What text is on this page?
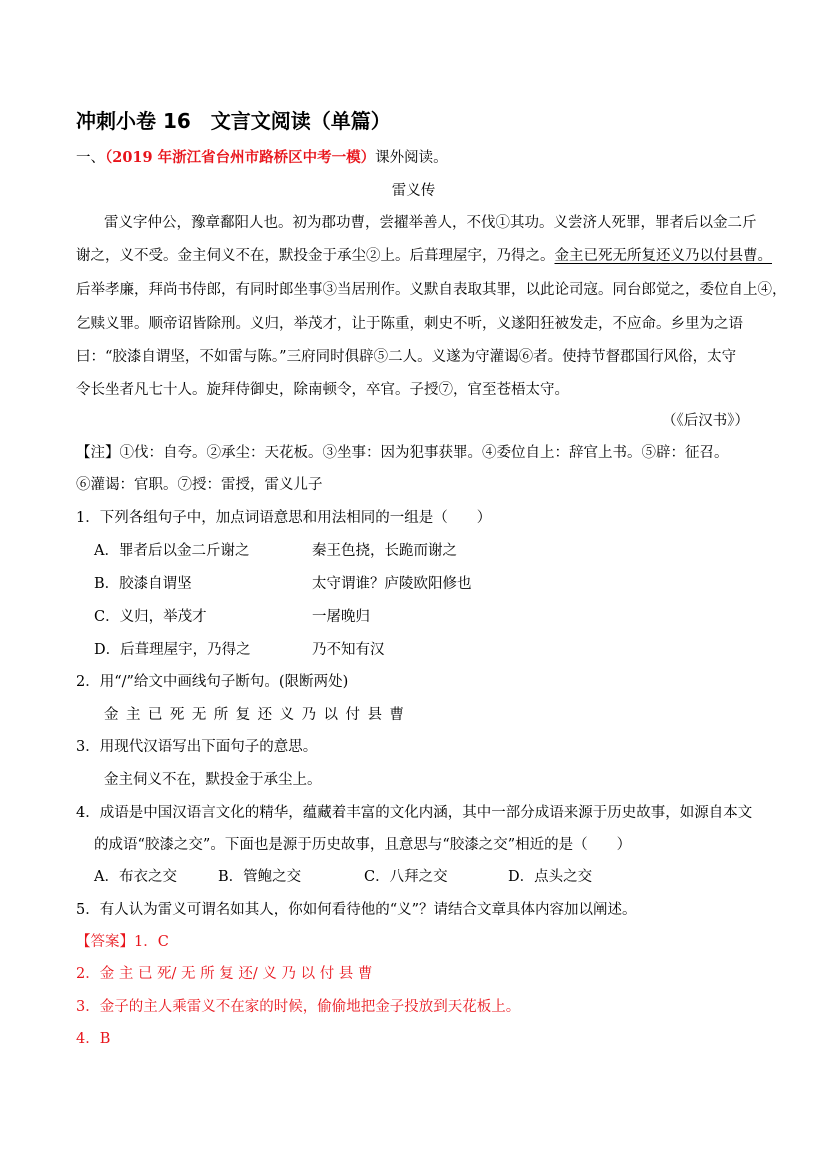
冲刺小卷 16　文言文阅读（单篇）
一、（2019 年浙江省台州市路桥区中考一模）课外阅读。
雷义传
雷义字仲公，豫章鄱阳人也。初为郡功曹，尝擢举善人，不伐①其功。义尝济人死罪，罪者后以金二斤
谢之，义不受。金主伺义不在，默投金于承尘②上。后葺理屋宇，乃得之。金主已死无所复还义乃以付县曹。
后举孝廉，拜尚书侍郎，有同时郎坐事③当居刑作。义默自表取其罪，以此论司寇。同台郎觉之，委位自上④，
乞赎义罪。顺帝诏皆除刑。义归，举茂才，让于陈重，刺史不听，义遂阳狂被发走，不应命。乡里为之语
曰：“胶漆自谓坚，不如雷与陈。”三府同时俱辟⑤二人。义遂为守灌谒⑥者。使持节督郡国行风俗，太守
令长坐者凡七十人。旋拜侍御史，除南顿令，卒官。子授⑦，官至苍梧太守。
（《后汉书》）
【注】①伐：自夸。②承尘：天花板。③坐事：因为犯事获罪。④委位自上：辞官上书。⑤辟：征召。
⑥灌谒：官职。⑦授：雷授，雷义儿子
1．下列各组句子中，加点词语意思和用法相同的一组是（　　）
A．罪者后以金二斤谢之	秦王色挠，长跪而谢之
B．胶漆自谓坚	太守谓谁？庐陵欧阳修也
C．义归，举茂才	一屠晚归
D．后葺理屋宇，乃得之	乃不知有汉
2．用“/”给文中画线句子断句。(限断两处)
金 主 已 死 无 所 复 还 义 乃 以 付 县 曹
3．用现代汉语写出下面句子的意思。
金主伺义不在，默投金于承尘上。
4．成语是中国汉语言文化的精华，蕴藏着丰富的文化内涵，其中一部分成语来源于历史故事，如源自本文
的成语“胶漆之交”。下面也是源于历史故事，且意思与“胶漆之交”相近的是（　　）
A．布衣之交	B．管鲍之交	C．八拜之交	D．点头之交
5．有人认为雷义可谓名如其人，你如何看待他的“义”？请结合文章具体内容加以阐述。
【答案】1．C
2．金 主 已 死/ 无 所 复 还/ 义 乃 以 付 县 曹
3．金子的主人乘雷义不在家的时候，偷偷地把金子投放到天花板上。
4．B
